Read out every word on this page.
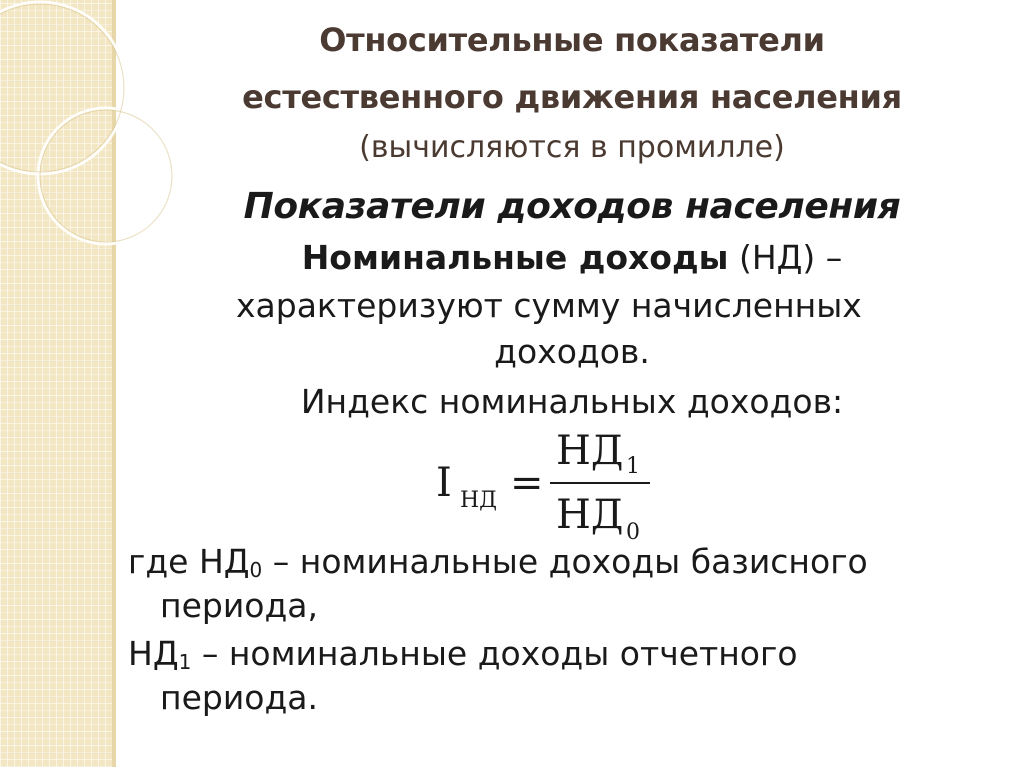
Относительные показатели
естественного движения населения
(вычисляются в промилле)
Показатели доходов населения
Номинальные доходы (НД) –
характеризуют сумму начисленных
доходов.
Индекс номинальных доходов:
I НД =
НД 1
НД 0
где $НД_0$ – номинальные доходы базисного
периода,
$НД_1$ – номинальные доходы отчетного
периода.
